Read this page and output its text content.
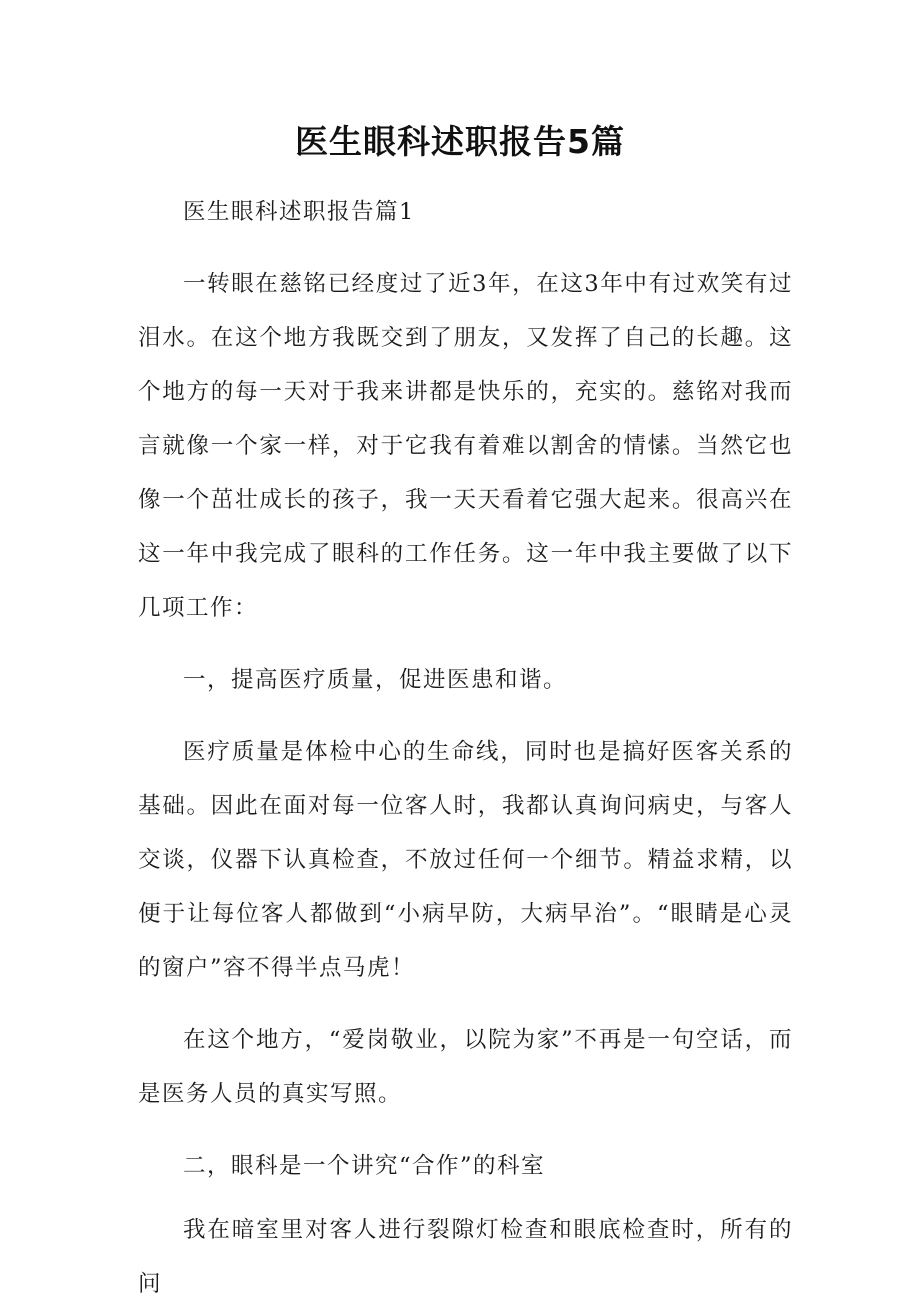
医生眼科述职报告5篇

医生眼科述职报告篇1

一转眼在慈铭已经度过了近3年，在这3年中有过欢笑有过泪水。在这个地方我既交到了朋友，又发挥了自己的长趣。这个地方的每一天对于我来讲都是快乐的，充实的。慈铭对我而言就像一个家一样，对于它我有着难以割舍的情愫。当然它也像一个茁壮成长的孩子，我一天天看着它强大起来。很高兴在这一年中我完成了眼科的工作任务。这一年中我主要做了以下几项工作：

一，提高医疗质量，促进医患和谐。

医疗质量是体检中心的生命线，同时也是搞好医客关系的基础。因此在面对每一位客人时，我都认真询问病史，与客人交谈，仪器下认真检查，不放过任何一个细节。精益求精，以便于让每位客人都做到“小病早防，大病早治”。“眼睛是心灵的窗户”容不得半点马虎！

在这个地方，“爱岗敬业，以院为家”不再是一句空话，而是医务人员的真实写照。

二，眼科是一个讲究“合作”的科室

我在暗室里对客人进行裂隙灯检查和眼底检查时，所有的问
